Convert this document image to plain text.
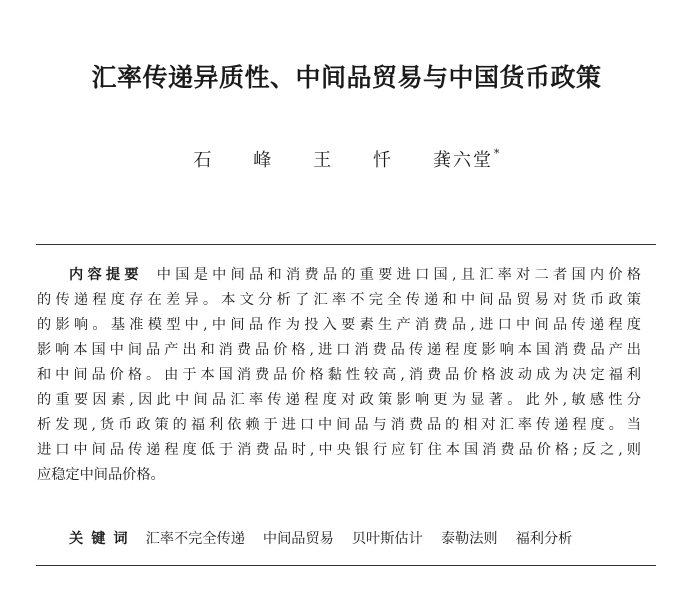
汇率传递异质性、中间品贸易与中国货币政策
石 峰 王 忏 龚六堂*
内容提要 中国是中间品和消费品的重要进口国,且汇率对二者国内价格
的传递程度存在差异。本文分析了汇率不完全传递和中间品贸易对货币政策
的影响。基准模型中,中间品作为投入要素生产消费品,进口中间品传递程度
影响本国中间品产出和消费品价格,进口消费品传递程度影响本国消费品产出
和中间品价格。由于本国消费品价格黏性较高,消费品价格波动成为决定福利
的重要因素,因此中间品汇率传递程度对政策影响更为显著。此外,敏感性分
析发现,货币政策的福利依赖于进口中间品与消费品的相对汇率传递程度。当
进口中间品传递程度低于消费品时,中央银行应钉住本国消费品价格;反之,则
应稳定中间品价格。
关键词 汇率不完全传递 中间品贸易 贝叶斯估计 泰勒法则 福利分析
